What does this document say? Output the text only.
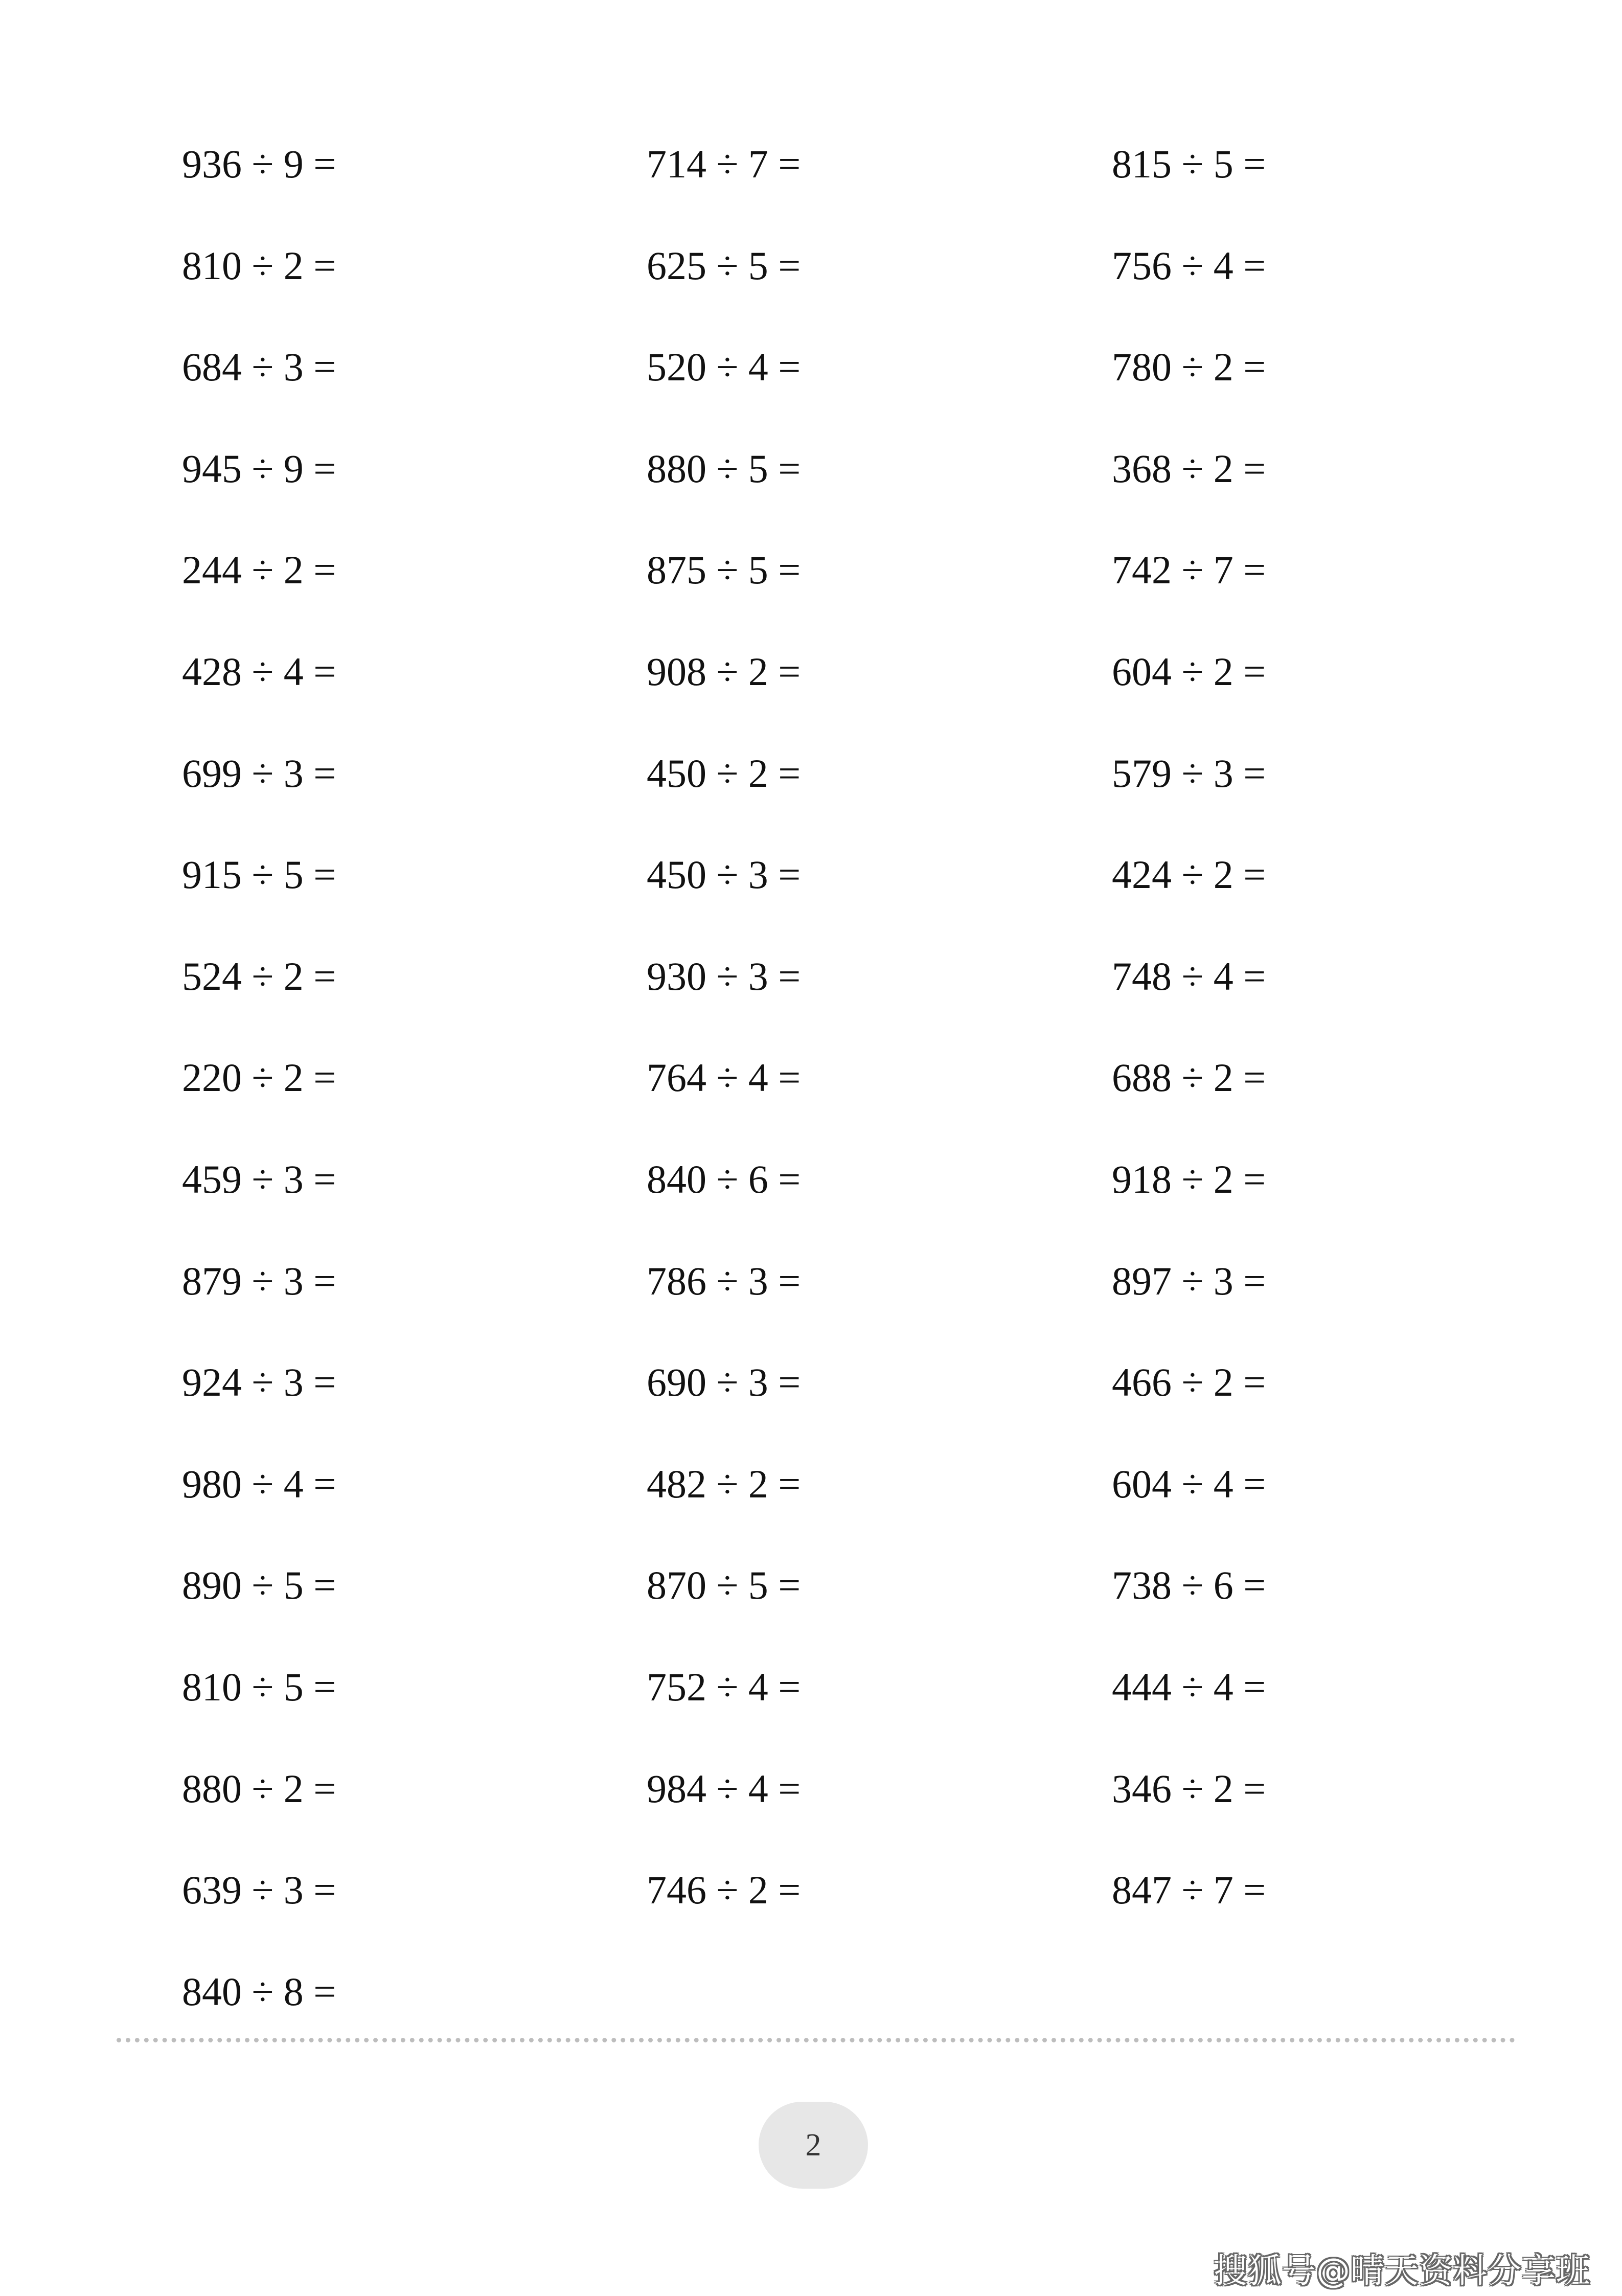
936 ÷ 9 =	714 ÷ 7 =	815 ÷ 5 =
810 ÷ 2 =	625 ÷ 5 =	756 ÷ 4 =
684 ÷ 3 =	520 ÷ 4 =	780 ÷ 2 =
945 ÷ 9 =	880 ÷ 5 =	368 ÷ 2 =
244 ÷ 2 =	875 ÷ 5 =	742 ÷ 7 =
428 ÷ 4 =	908 ÷ 2 =	604 ÷ 2 =
699 ÷ 3 =	450 ÷ 2 =	579 ÷ 3 =
915 ÷ 5 =	450 ÷ 3 =	424 ÷ 2 =
524 ÷ 2 =	930 ÷ 3 =	748 ÷ 4 =
220 ÷ 2 =	764 ÷ 4 =	688 ÷ 2 =
459 ÷ 3 =	840 ÷ 6 =	918 ÷ 2 =
879 ÷ 3 =	786 ÷ 3 =	897 ÷ 3 =
924 ÷ 3 =	690 ÷ 3 =	466 ÷ 2 =
980 ÷ 4 =	482 ÷ 2 =	604 ÷ 4 =
890 ÷ 5 =	870 ÷ 5 =	738 ÷ 6 =
810 ÷ 5 =	752 ÷ 4 =	444 ÷ 4 =
880 ÷ 2 =	984 ÷ 4 =	346 ÷ 2 =
639 ÷ 3 =	746 ÷ 2 =	847 ÷ 7 =
840 ÷ 8 =
2
搜狐号@晴天资料分享班
